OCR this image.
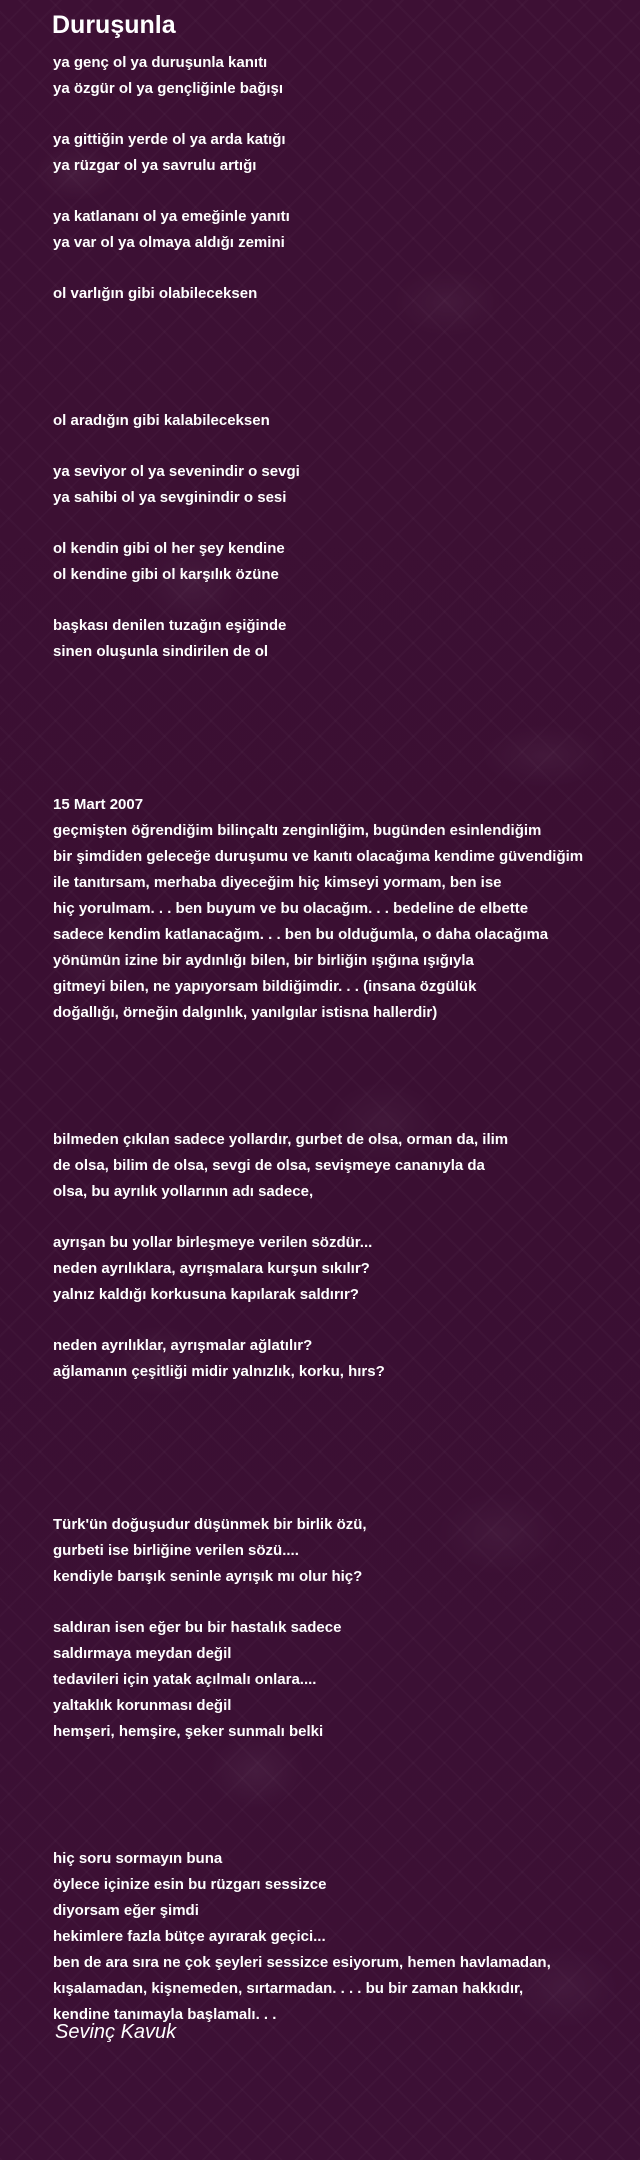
Duruşunla
ya genç ol ya duruşunla kanıtı
ya özgür ol ya gençliğinle bağışı
ya gittiğin yerde ol ya arda katığı
ya rüzgar ol ya savrulu artığı
ya katlananı ol ya emeğinle yanıtı
ya var ol ya olmaya aldığı zemini
ol varlığın gibi olabileceksen
ol aradığın gibi kalabileceksen
ya seviyor ol ya sevenindir o sevgi
ya sahibi ol ya sevginindir o sesi
ol kendin gibi ol her şey kendine
ol kendine gibi ol karşılık özüne
başkası denilen tuzağın eşiğinde
sinen oluşunla sindirilen de ol
15 Mart 2007
geçmişten öğrendiğim bilinçaltı zenginliğim, bugünden esinlendiğim
bir şimdiden geleceğe duruşumu ve kanıtı olacağıma kendime güvendiğim
ile tanıtırsam, merhaba diyeceğim hiç kimseyi yormam, ben ise
hiç yorulmam. . . ben buyum ve bu olacağım. . . bedeline de elbette
sadece kendim katlanacağım. . . ben bu olduğumla, o daha olacağıma
yönümün izine bir aydınlığı bilen, bir birliğin ışığına ışığıyla
gitmeyi bilen, ne yapıyorsam bildiğimdir. . . (insana özgülük
doğallığı, örneğin dalgınlık, yanılgılar istisna hallerdir)
bilmeden çıkılan sadece yollardır, gurbet de olsa, orman da, ilim
de olsa, bilim de olsa, sevgi de olsa, sevişmeye cananıyla da
olsa, bu ayrılık yollarının adı sadece,
ayrışan bu yollar birleşmeye verilen sözdür...
neden ayrılıklara, ayrışmalara kurşun sıkılır?
yalnız kaldığı korkusuna kapılarak saldırır?
neden ayrılıklar, ayrışmalar ağlatılır?
ağlamanın çeşitliği midir yalnızlık, korku, hırs?
Türk'ün doğuşudur düşünmek bir birlik özü,
gurbeti ise birliğine verilen sözü....
kendiyle barışık seninle ayrışık mı olur hiç?
saldıran isen eğer bu bir hastalık sadece
saldırmaya meydan değil
tedavileri için yatak açılmalı onlara....
yaltaklık korunması değil
hemşeri, hemşire, şeker sunmalı belki
hiç soru sormayın buna
öylece içinize esin bu rüzgarı sessizce
diyorsam eğer şimdi
hekimlere fazla bütçe ayırarak geçici...
ben de ara sıra ne çok şeyleri sessizce esiyorum, hemen havlamadan,
kışalamadan, kişnemeden, sırtarmadan. . . . bu bir zaman hakkıdır,
kendine tanımayla başlamalı. . .
Sevinç Kavuk
